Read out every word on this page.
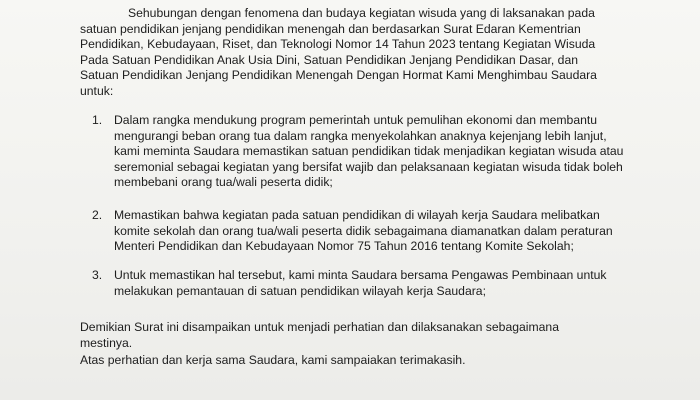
Sehubungan dengan fenomena dan budaya kegiatan wisuda yang di laksanakan pada
satuan pendidikan jenjang pendidikan menengah dan berdasarkan Surat Edaran Kementrian
Pendidikan, Kebudayaan, Riset, dan Teknologi Nomor 14 Tahun 2023 tentang Kegiatan Wisuda
Pada Satuan Pendidikan Anak Usia Dini, Satuan Pendidikan Jenjang Pendidikan Dasar, dan
Satuan Pendidikan Jenjang Pendidikan Menengah Dengan Hormat Kami Menghimbau Saudara
untuk:
1. Dalam rangka mendukung program pemerintah untuk pemulihan ekonomi dan membantu
mengurangi beban orang tua dalam rangka menyekolahkan anaknya kejenjang lebih lanjut,
kami meminta Saudara memastikan satuan pendidikan tidak menjadikan kegiatan wisuda atau
seremonial sebagai kegiatan yang bersifat wajib dan pelaksanaan kegiatan wisuda tidak boleh
membebani orang tua/wali peserta didik;
2. Memastikan bahwa kegiatan pada satuan pendidikan di wilayah kerja Saudara melibatkan
komite sekolah dan orang tua/wali peserta didik sebagaimana diamanatkan dalam peraturan
Menteri Pendidikan dan Kebudayaan Nomor 75 Tahun 2016 tentang Komite Sekolah;
3. Untuk memastikan hal tersebut, kami minta Saudara bersama Pengawas Pembinaan untuk
melakukan pemantauan di satuan pendidikan wilayah kerja Saudara;
Demikian Surat ini disampaikan untuk menjadi perhatian dan dilaksanakan sebagaimana
mestinya.
Atas perhatian dan kerja sama Saudara, kami sampaiakan terimakasih.
